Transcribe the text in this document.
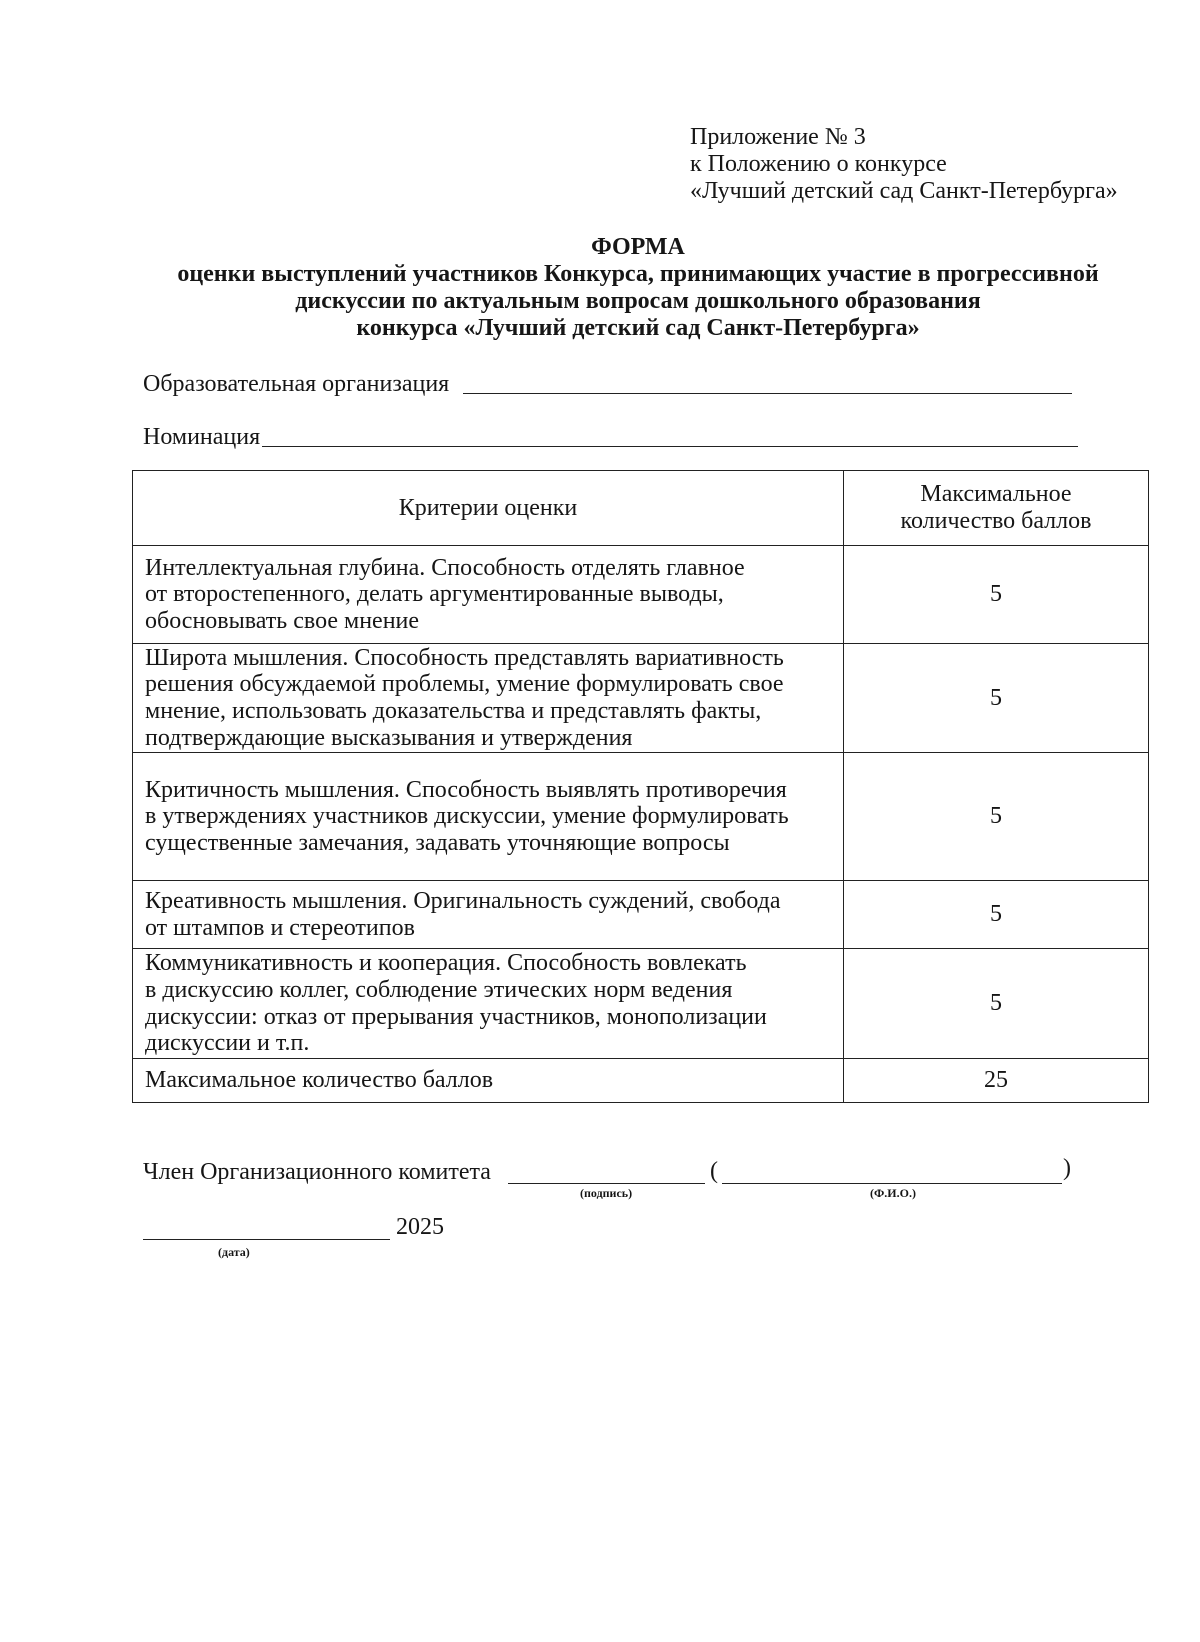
Приложение № 3
к Положению о конкурсе
«Лучший детский сад Санкт-Петербурга»
ФОРМА
оценки выступлений участников Конкурса, принимающих участие в прогрессивной
дискуссии по актуальным вопросам дошкольного образования
конкурса «Лучший детский сад Санкт-Петербурга»
Образовательная организация
Номинация
Критерии оценки	Максимальное
количество баллов

Интеллектуальная глубина. Способность отделять главное
от второстепенного, делать аргументированные выводы,
обосновывать свое мнение	5

Широта мышления. Способность представлять вариативность
решения обсуждаемой проблемы, умение формулировать свое
мнение, использовать доказательства и представлять факты,
подтверждающие высказывания и утверждения	5

Критичность мышления. Способность выявлять противоречия
в утверждениях участников дискуссии, умение формулировать
существенные замечания, задавать уточняющие вопросы	5

Креативность мышления. Оригинальность суждений, свобода
от штампов и стереотипов	5

Коммуникативность и кооперация. Способность вовлекать
в дискуссию коллег, соблюдение этических норм ведения
дискуссии: отказ от прерывания участников, монополизации
дискуссии и т.п.	5
Максимальное количество баллов	25
Член Организационного комитета	(	)
(подпись)	(Ф.И.О.)
2025
(дата)
